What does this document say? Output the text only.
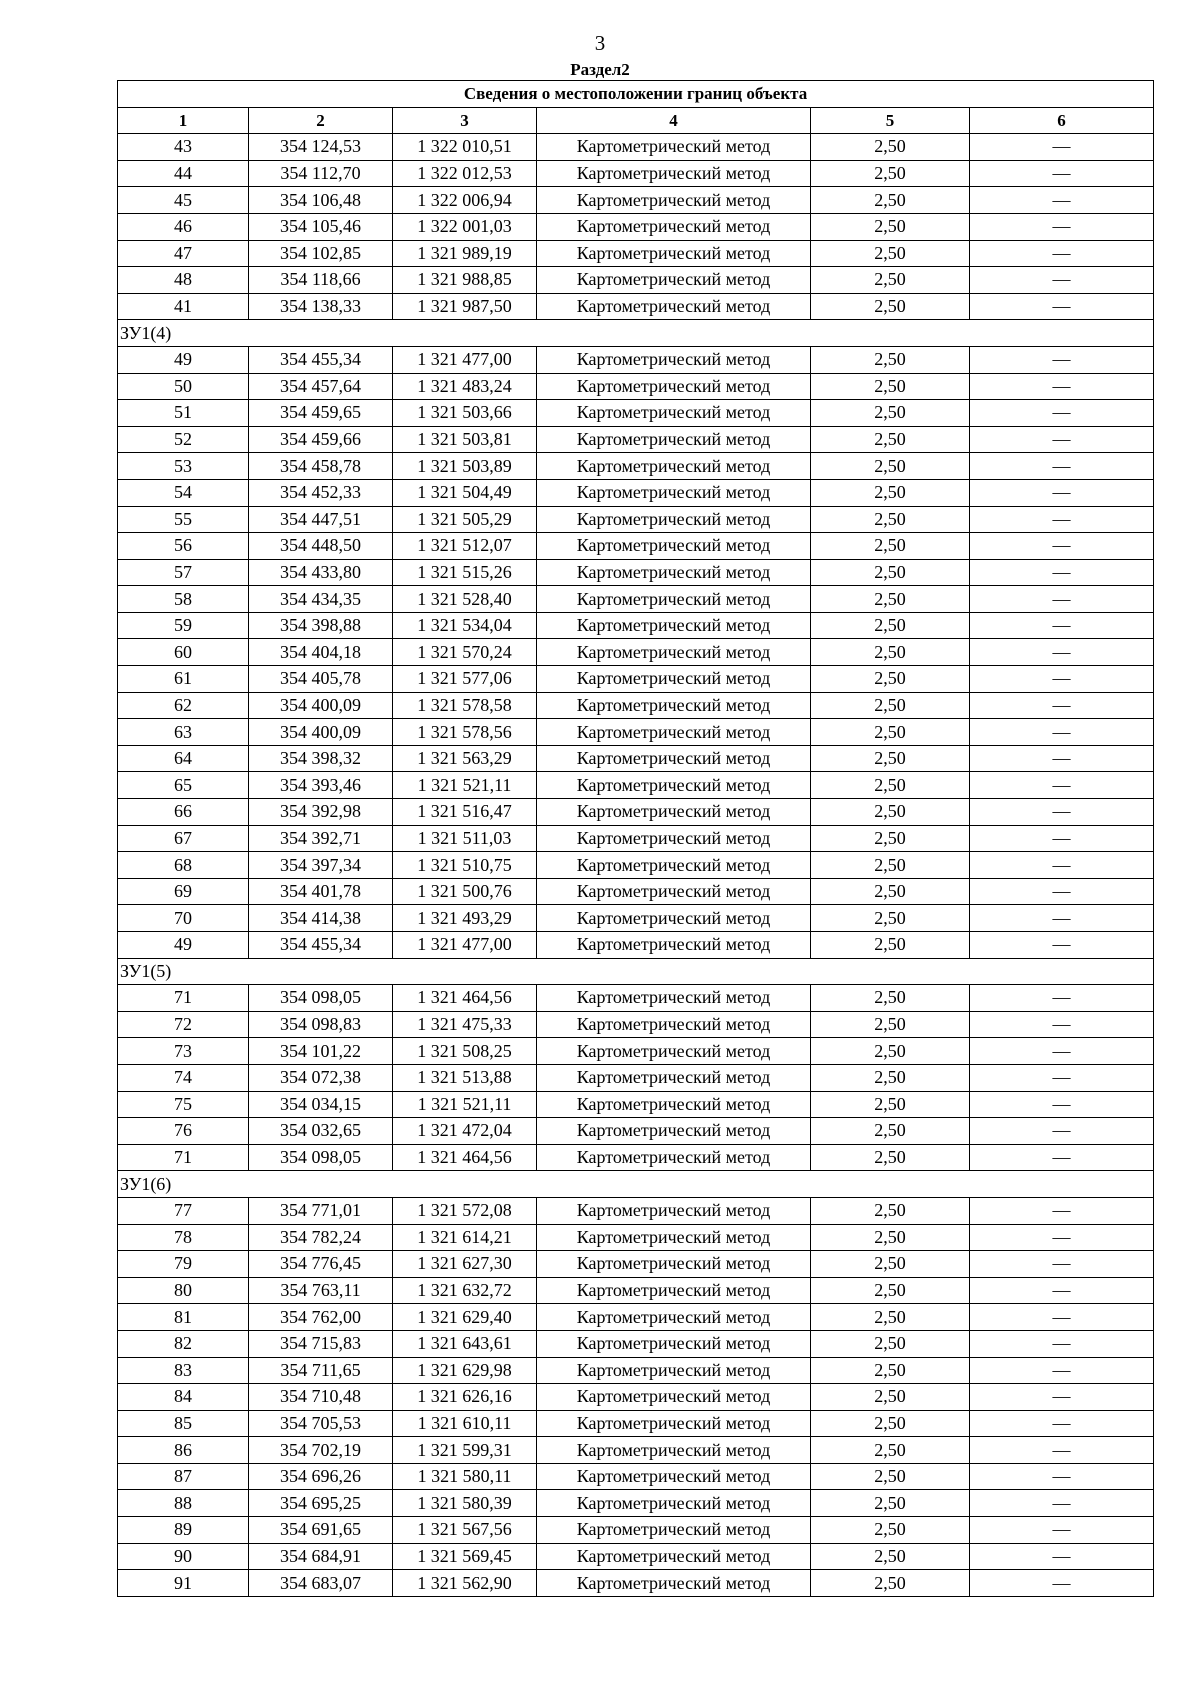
3
Раздел2
Сведения о местоположении границ объекта					
1	2	3	4	5	6
43	354 124,53	1 322 010,51	Картометрический метод	2,50	—
44	354 112,70	1 322 012,53	Картометрический метод	2,50	—
45	354 106,48	1 322 006,94	Картометрический метод	2,50	—
46	354 105,46	1 322 001,03	Картометрический метод	2,50	—
47	354 102,85	1 321 989,19	Картометрический метод	2,50	—
48	354 118,66	1 321 988,85	Картометрический метод	2,50	—
41	354 138,33	1 321 987,50	Картометрический метод	2,50	—
ЗУ1(4)					
49	354 455,34	1 321 477,00	Картометрический метод	2,50	—
50	354 457,64	1 321 483,24	Картометрический метод	2,50	—
51	354 459,65	1 321 503,66	Картометрический метод	2,50	—
52	354 459,66	1 321 503,81	Картометрический метод	2,50	—
53	354 458,78	1 321 503,89	Картометрический метод	2,50	—
54	354 452,33	1 321 504,49	Картометрический метод	2,50	—
55	354 447,51	1 321 505,29	Картометрический метод	2,50	—
56	354 448,50	1 321 512,07	Картометрический метод	2,50	—
57	354 433,80	1 321 515,26	Картометрический метод	2,50	—
58	354 434,35	1 321 528,40	Картометрический метод	2,50	—
59	354 398,88	1 321 534,04	Картометрический метод	2,50	—
60	354 404,18	1 321 570,24	Картометрический метод	2,50	—
61	354 405,78	1 321 577,06	Картометрический метод	2,50	—
62	354 400,09	1 321 578,58	Картометрический метод	2,50	—
63	354 400,09	1 321 578,56	Картометрический метод	2,50	—
64	354 398,32	1 321 563,29	Картометрический метод	2,50	—
65	354 393,46	1 321 521,11	Картометрический метод	2,50	—
66	354 392,98	1 321 516,47	Картометрический метод	2,50	—
67	354 392,71	1 321 511,03	Картометрический метод	2,50	—
68	354 397,34	1 321 510,75	Картометрический метод	2,50	—
69	354 401,78	1 321 500,76	Картометрический метод	2,50	—
70	354 414,38	1 321 493,29	Картометрический метод	2,50	—
49	354 455,34	1 321 477,00	Картометрический метод	2,50	—
ЗУ1(5)					
71	354 098,05	1 321 464,56	Картометрический метод	2,50	—
72	354 098,83	1 321 475,33	Картометрический метод	2,50	—
73	354 101,22	1 321 508,25	Картометрический метод	2,50	—
74	354 072,38	1 321 513,88	Картометрический метод	2,50	—
75	354 034,15	1 321 521,11	Картометрический метод	2,50	—
76	354 032,65	1 321 472,04	Картометрический метод	2,50	—
71	354 098,05	1 321 464,56	Картометрический метод	2,50	—
ЗУ1(6)					
77	354 771,01	1 321 572,08	Картометрический метод	2,50	—
78	354 782,24	1 321 614,21	Картометрический метод	2,50	—
79	354 776,45	1 321 627,30	Картометрический метод	2,50	—
80	354 763,11	1 321 632,72	Картометрический метод	2,50	—
81	354 762,00	1 321 629,40	Картометрический метод	2,50	—
82	354 715,83	1 321 643,61	Картометрический метод	2,50	—
83	354 711,65	1 321 629,98	Картометрический метод	2,50	—
84	354 710,48	1 321 626,16	Картометрический метод	2,50	—
85	354 705,53	1 321 610,11	Картометрический метод	2,50	—
86	354 702,19	1 321 599,31	Картометрический метод	2,50	—
87	354 696,26	1 321 580,11	Картометрический метод	2,50	—
88	354 695,25	1 321 580,39	Картометрический метод	2,50	—
89	354 691,65	1 321 567,56	Картометрический метод	2,50	—
90	354 684,91	1 321 569,45	Картометрический метод	2,50	—
91	354 683,07	1 321 562,90	Картометрический метод	2,50	—
